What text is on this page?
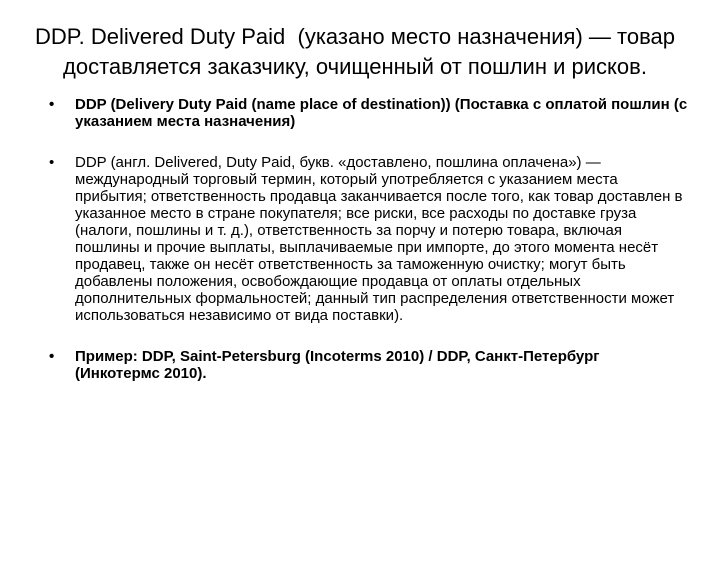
DDP. Delivered Duty Paid  (указано место назначения) — товар доставляется заказчику, очищенный от пошлин и рисков.
•	DDP (Delivery Duty Paid (name place of destination)) (Поставка с оплатой пошлин (с указанием места назначения)
•	DDP (англ. Delivered, Duty Paid, букв. «доставлено, пошлина оплачена») — международный торговый термин, который употребляется с указанием места прибытия; ответственность продавца заканчивается после того, как товар доставлен в указанное место в стране покупателя; все риски, все расходы по доставке груза (налоги, пошлины и т. д.), ответственность за порчу и потерю товара, включая пошлины и прочие выплаты, выплачиваемые при импорте, до этого момента несёт продавец, также он несёт ответственность за таможенную очистку; могут быть добавлены положения, освобождающие продавца от оплаты отдельных дополнительных формальностей; данный тип распределения ответственности может использоваться независимо от вида поставки).
•	Пример: DDP, Saint-Petersburg (Incoterms 2010) / DDP, Санкт-Петербург (Инкотермс 2010).
